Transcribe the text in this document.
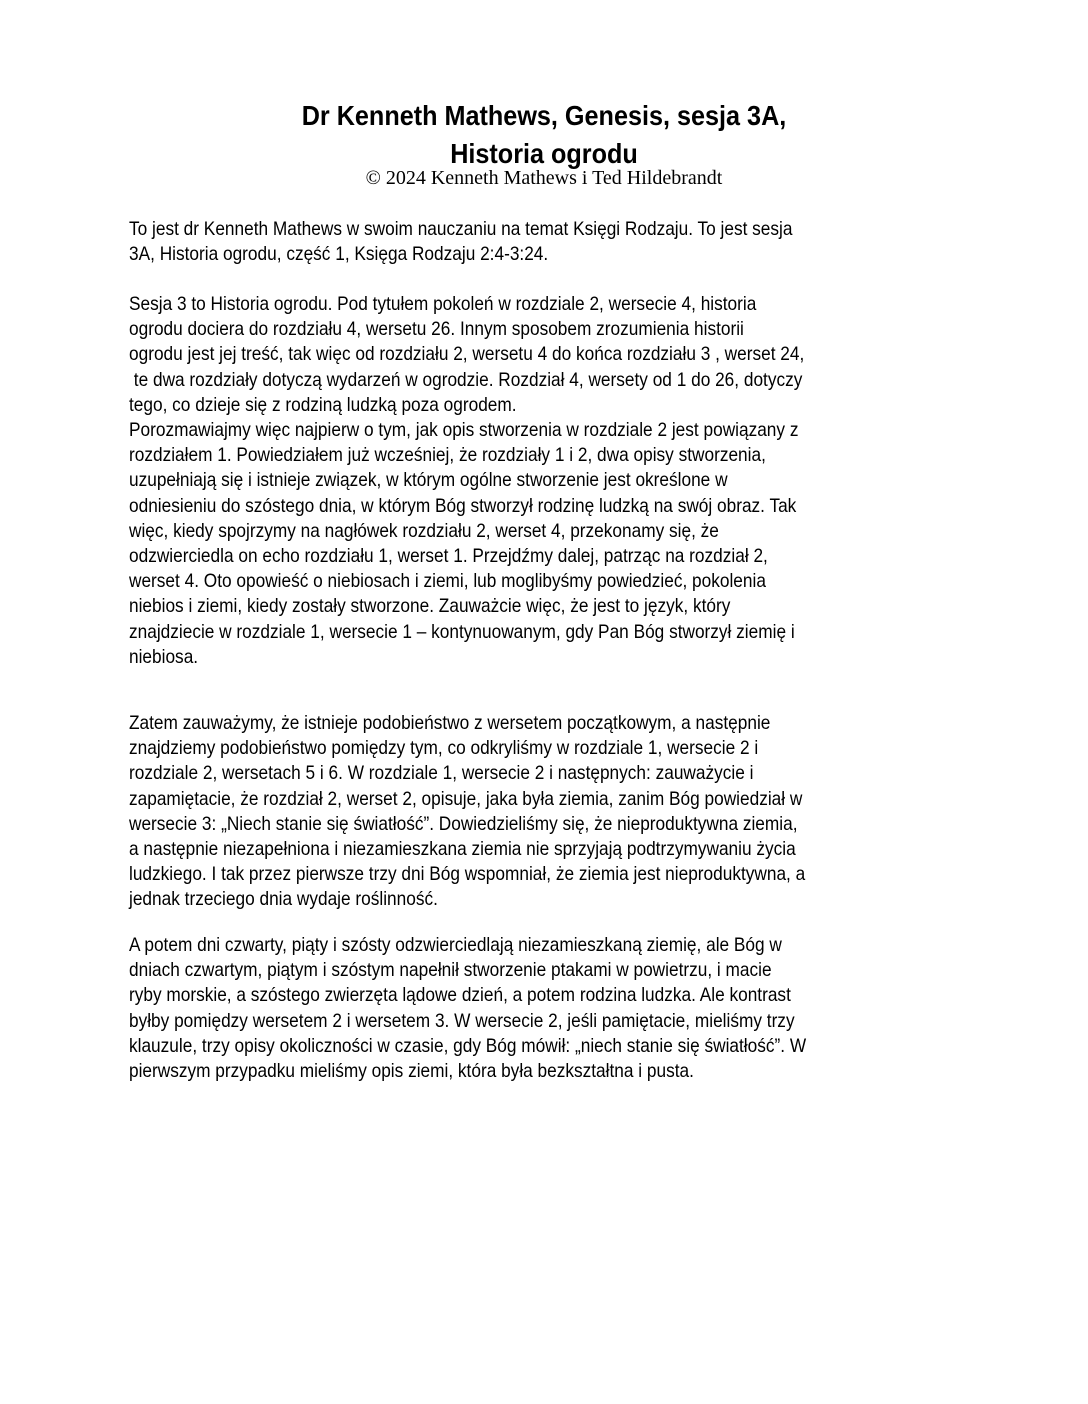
Dr Kenneth Mathews, Genesis, sesja 3A,
Historia ogrodu
© 2024 Kenneth Mathews i Ted Hildebrandt
To jest dr Kenneth Mathews w swoim nauczaniu na temat Księgi Rodzaju. To jest sesja
3A, Historia ogrodu, część 1, Księga Rodzaju 2:4-3:24.
Sesja 3 to Historia ogrodu. Pod tytułem pokoleń w rozdziale 2, wersecie 4, historia
ogrodu dociera do rozdziału 4, wersetu 26. Innym sposobem zrozumienia historii
ogrodu jest jej treść, tak więc od rozdziału 2, wersetu 4 do końca rozdziału 3 , werset 24,
te dwa rozdziały dotyczą wydarzeń w ogrodzie. Rozdział 4, wersety od 1 do 26, dotyczy
tego, co dzieje się z rodziną ludzką poza ogrodem.
Porozmawiajmy więc najpierw o tym, jak opis stworzenia w rozdziale 2 jest powiązany z
rozdziałem 1. Powiedziałem już wcześniej, że rozdziały 1 i 2, dwa opisy stworzenia,
uzupełniają się i istnieje związek, w którym ogólne stworzenie jest określone w
odniesieniu do szóstego dnia, w którym Bóg stworzył rodzinę ludzką na swój obraz. Tak
więc, kiedy spojrzymy na nagłówek rozdziału 2, werset 4, przekonamy się, że
odzwierciedla on echo rozdziału 1, werset 1. Przejdźmy dalej, patrząc na rozdział 2,
werset 4. Oto opowieść o niebiosach i ziemi, lub moglibyśmy powiedzieć, pokolenia
niebios i ziemi, kiedy zostały stworzone. Zauważcie więc, że jest to język, który
znajdziecie w rozdziale 1, wersecie 1 – kontynuowanym, gdy Pan Bóg stworzył ziemię i
niebiosa.
Zatem zauważymy, że istnieje podobieństwo z wersetem początkowym, a następnie
znajdziemy podobieństwo pomiędzy tym, co odkryliśmy w rozdziale 1, wersecie 2 i
rozdziale 2, wersetach 5 i 6. W rozdziale 1, wersecie 2 i następnych: zauważycie i
zapamiętacie, że rozdział 2, werset 2, opisuje, jaka była ziemia, zanim Bóg powiedział w
wersecie 3: „Niech stanie się światłość”. Dowiedzieliśmy się, że nieproduktywna ziemia,
a następnie niezapełniona i niezamieszkana ziemia nie sprzyjają podtrzymywaniu życia
ludzkiego. I tak przez pierwsze trzy dni Bóg wspomniał, że ziemia jest nieproduktywna, a
jednak trzeciego dnia wydaje roślinność.
A potem dni czwarty, piąty i szósty odzwierciedlają niezamieszkaną ziemię, ale Bóg w
dniach czwartym, piątym i szóstym napełnił stworzenie ptakami w powietrzu, i macie
ryby morskie, a szóstego zwierzęta lądowe dzień, a potem rodzina ludzka. Ale kontrast
byłby pomiędzy wersetem 2 i wersetem 3. W wersecie 2, jeśli pamiętacie, mieliśmy trzy
klauzule, trzy opisy okoliczności w czasie, gdy Bóg mówił: „niech stanie się światłość”. W
pierwszym przypadku mieliśmy opis ziemi, która była bezkształtna i pusta.
